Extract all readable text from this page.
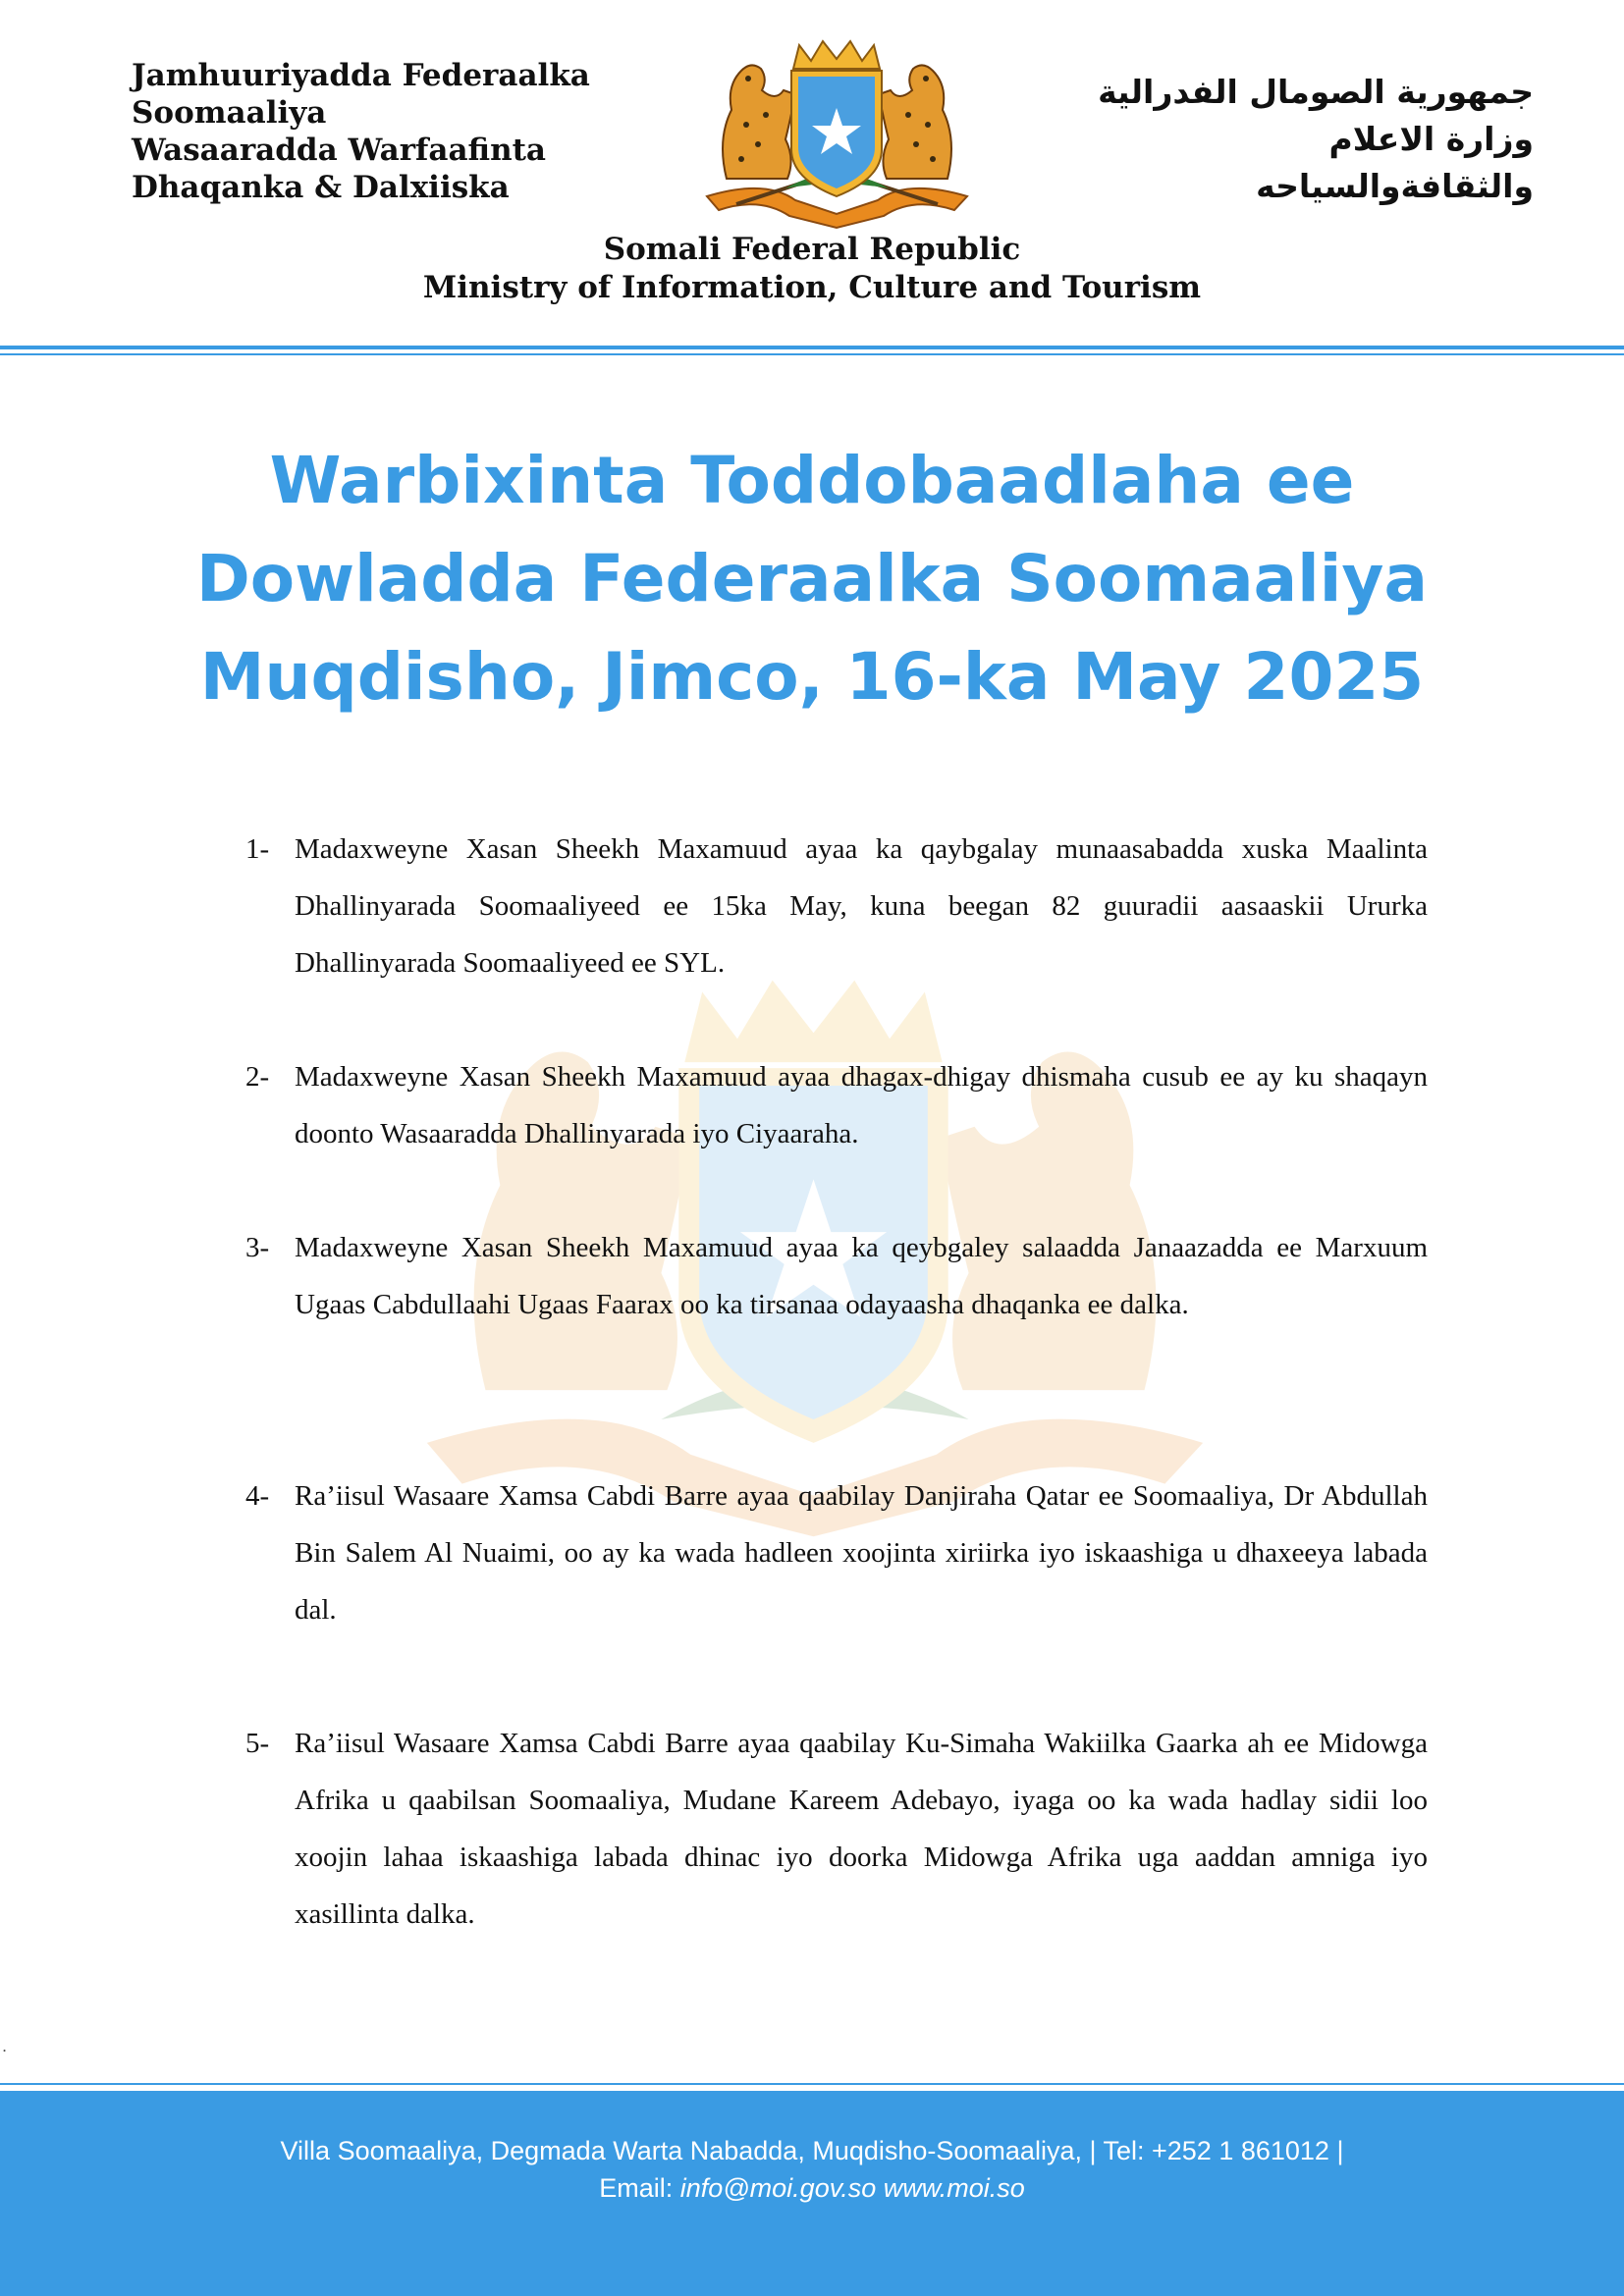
Jamhuuriyadda Federaalka
Soomaaliya
Wasaaradda Warfaafinta
Dhaqanka & Dalxiiska
جمهورية الصومال الفدرالية
وزارة الاعلام
والثقافةوالسياحه
Somali Federal Republic
Ministry of Information, Culture and Tourism
Warbixinta Toddobaadlaha ee
Dowladda Federaalka Soomaaliya
Muqdisho, Jimco, 16-ka May 2025
1- Madaxweyne Xasan Sheekh Maxamuud ayaa ka qaybgalay munaasabadda xuska Maalinta Dhallinyarada Soomaaliyeed ee 15ka May, kuna beegan 82 guuradii aasaaskii Ururka Dhallinyarada Soomaaliyeed ee SYL.
2- Madaxweyne Xasan Sheekh Maxamuud ayaa dhagax-dhigay dhismaha cusub ee ay ku shaqayn doonto Wasaaradda Dhallinyarada iyo Ciyaaraha.
3- Madaxweyne Xasan Sheekh Maxamuud ayaa ka qeybgaley salaadda Janaazadda ee Marxuum Ugaas Cabdullaahi Ugaas Faarax oo ka tirsanaa odayaasha dhaqanka ee dalka.
4- Ra’iisul Wasaare Xamsa Cabdi Barre ayaa qaabilay Danjiraha Qatar ee Soomaaliya, Dr Abdullah Bin Salem Al Nuaimi, oo ay ka wada hadleen xoojinta xiriirka iyo iskaashiga u dhaxeeya labada dal.
5- Ra’iisul Wasaare Xamsa Cabdi Barre ayaa qaabilay Ku-Simaha Wakiilka Gaarka ah ee Midowga Afrika u qaabilsan Soomaaliya, Mudane Kareem Adebayo, iyaga oo ka wada hadlay sidii loo xoojin lahaa iskaashiga labada dhinac iyo doorka Midowga Afrika uga aaddan amniga iyo xasillinta dalka.
.
Villa Soomaaliya, Degmada Warta Nabadda, Muqdisho-Soomaaliya, | Tel: +252 1 861012 |
Email: info@moi.gov.so www.moi.so
